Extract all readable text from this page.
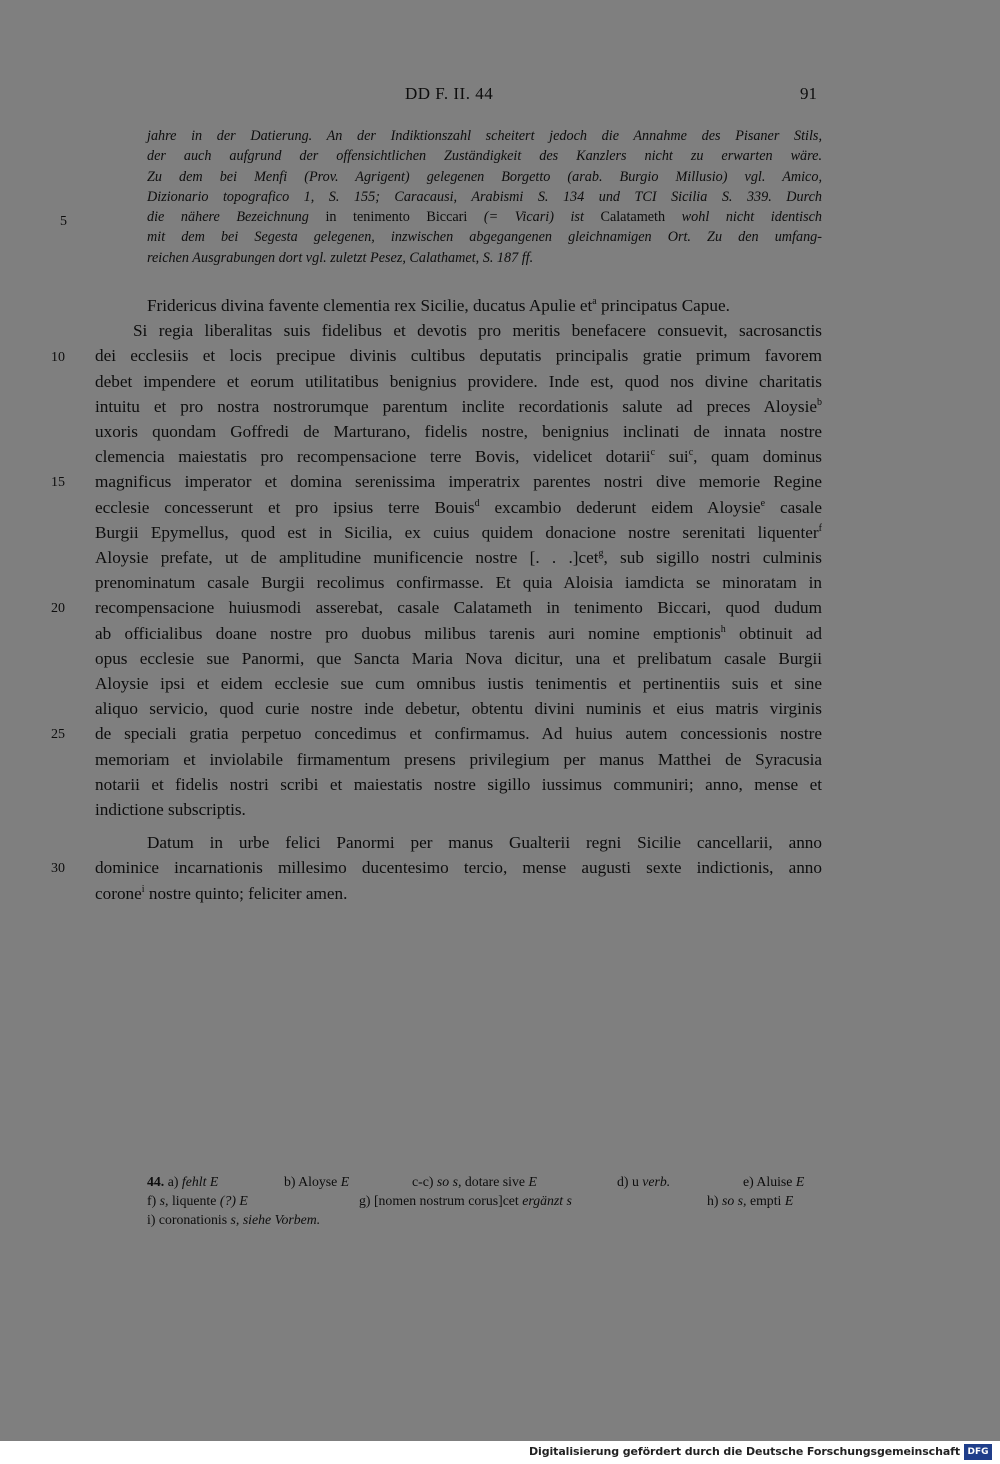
DD F. II. 44	91
jahre in der Datierung. An der Indiktionszahl scheitert jedoch die Annahme des Pisaner Stils,
der auch aufgrund der offensichtlichen Zuständigkeit des Kanzlers nicht zu erwarten wäre.
Zu dem bei Menfi (Prov. Agrigent) gelegenen Borgetto (arab. Burgio Millusio) vgl. Amico,
Dizionario topografico 1, S. 155; Caracausi, Arabismi S. 134 und TCI Sicilia S. 339. Durch
die nähere Bezeichnung in tenimento Biccari (= Vicari) ist Calatameth wohl nicht identisch
mit dem bei Segesta gelegenen, inzwischen abgegangenen gleichnamigen Ort. Zu den umfang-
reichen Ausgrabungen dort vgl. zuletzt Pesez, Calathamet, S. 187 ff.
5
10
15
20
25
30
Fridericus divina favente clementia rex Sicilie, ducatus Apulie $et^a$ principatus Capue.
Si regia liberalitas suis fidelibus et devotis pro meritis benefacere consuevit, sacrosanctis
dei ecclesiis et locis precipue divinis cultibus deputatis principalis gratie primum favorem
debet impendere et eorum utilitatibus benignius providere. Inde est, quod nos divine charitatis
intuitu et pro nostra nostrorumque parentum inclite recordationis salute ad preces Aloysie$^b$
uxoris quondam Goffredi de Marturano, fidelis nostre, benignius inclinati de innata nostre
clemencia maiestatis pro recompensacione terre Bovis, videlicet dotarii$^c$ sui$^c$, quam dominus
magnificus imperator et domina serenissima imperatrix parentes nostri dive memorie Regine
ecclesie concesserunt et pro ipsius terre Bouis$^d$ excambio dederunt eidem Aloysie$^e$ casale
Burgii Epymellus, quod est in Sicilia, ex cuius quidem donacione nostre serenitati liquenter$^f$
Aloysie prefate, ut de amplitudine munificencie nostre [. . .]cet$^g$, sub sigillo nostri culminis
prenominatum casale Burgii recolimus confirmasse. Et quia Aloisia iamdicta se minoratam in
recompensacione huiusmodi asserebat, casale Calatameth in tenimento Biccari, quod dudum
ab officialibus doane nostre pro duobus milibus tarenis auri nomine emptionis$^h$ obtinuit ad
opus ecclesie sue Panormi, que Sancta Maria Nova dicitur, una et prelibatum casale Burgii
Aloysie ipsi et eidem ecclesie sue cum omnibus iustis tenimentis et pertinentiis suis et sine
aliquo servicio, quod curie nostre inde debetur, obtentu divini numinis et eius matris virginis
de speciali gratia perpetuo concedimus et confirmamus. Ad huius autem concessionis nostre
memoriam et inviolabile firmamentum presens privilegium per manus Matthei de Syracusia
notarii et fidelis nostri scribi et maiestatis nostre sigillo iussimus communiri; anno, mense et
indictione subscriptis.
Datum in urbe felici Panormi per manus Gualterii regni Sicilie cancellarii, anno
dominice incarnationis millesimo ducentesimo tercio, mense augusti sexte indictionis, anno
corone$^i$ nostre quinto; feliciter amen.
44. a) fehlt E	b) Aloyse E	c-c) so s, dotare sive E	d) u verb.	e) Aluise E
f) s, liquente (?) E	g) [nomen nostrum corus]cet ergänzt s	h) so s, empti E
i) coronationis s, siehe Vorbem.
Digitalisierung gefördert durch die Deutsche Forschungsgemeinschaft DFG
